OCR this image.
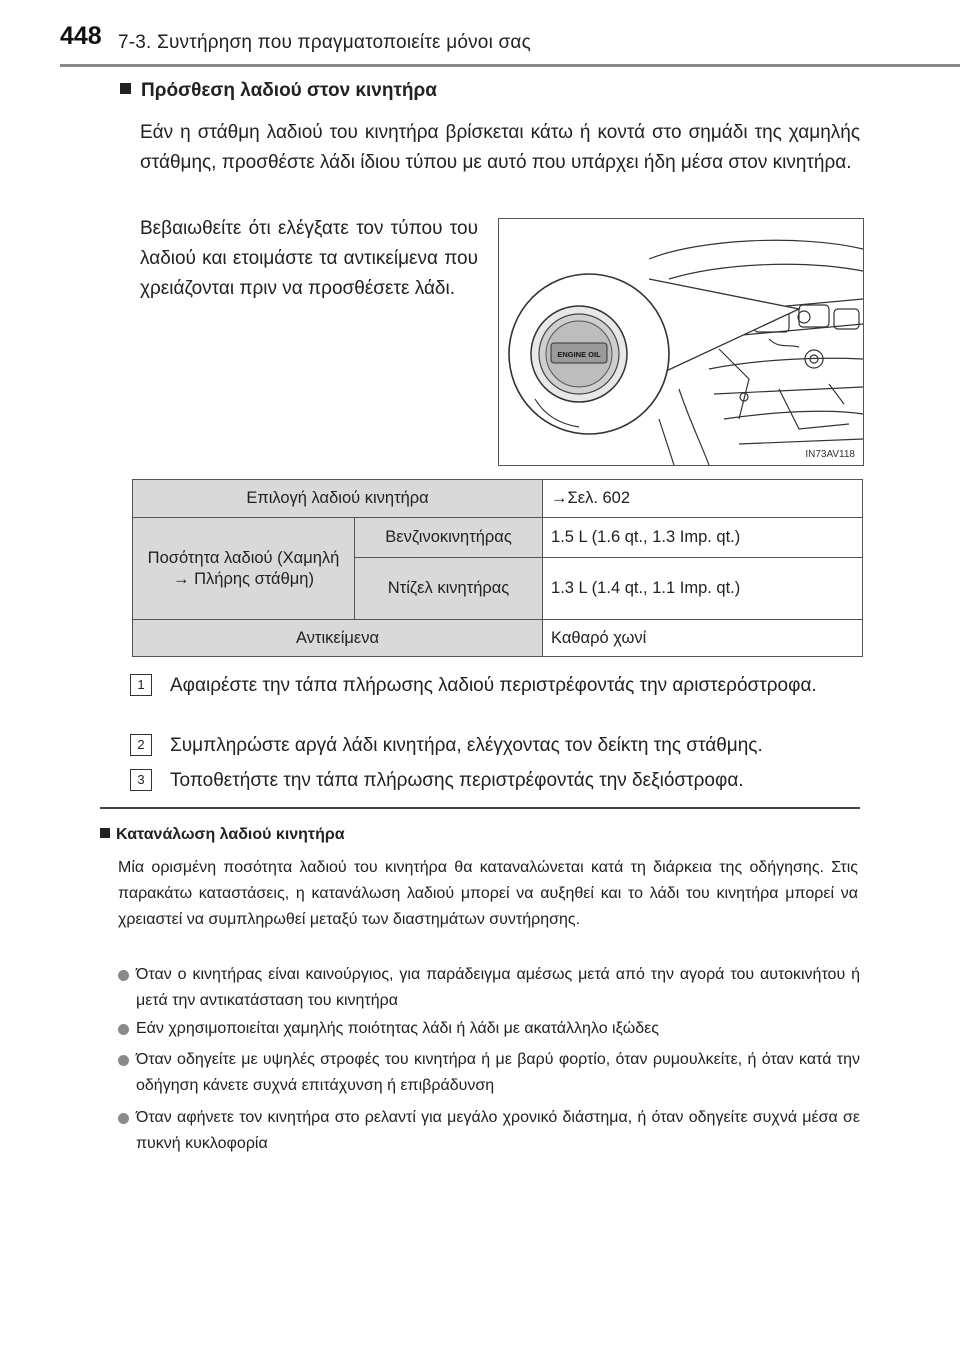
448 7-3. Συντήρηση που πραγματοποιείτε μόνοι σας
Πρόσθεση λαδιού στον κινητήρα
Εάν η στάθμη λαδιού του κινητήρα βρίσκεται κάτω ή κοντά στο σημάδι της χαμηλής στάθμης, προσθέστε λάδι ίδιου τύπου με αυτό που υπάρχει ήδη μέσα στον κινητήρα.
Βεβαιωθείτε ότι ελέγξατε τον τύπου του λαδιού και ετοιμάστε τα αντικείμενα που χρειάζονται πριν να προσθέσετε λάδι.
ENGINE OIL
IN73AV118
Επιλογή λαδιού κινητήρα		→Σελ. 602
Ποσότητα λαδιού (Χαμηλή → Πλήρης στάθμη)	Βενζινοκινητήρας	1.5 L (1.6 qt., 1.3 Imp. qt.)
	Ντίζελ κινητήρας	1.3 L (1.4 qt., 1.1 Imp. qt.)
Αντικείμενα		Καθαρό χωνί
1	Αφαιρέστε την τάπα πλήρωσης λαδιού περιστρέφοντάς την αριστερόστροφα.
2	Συμπληρώστε αργά λάδι κινητήρα, ελέγχοντας τον δείκτη της στάθμης.
3	Τοποθετήστε την τάπα πλήρωσης περιστρέφοντάς την δεξιόστροφα.
Κατανάλωση λαδιού κινητήρα
Μία ορισμένη ποσότητα λαδιού του κινητήρα θα καταναλώνεται κατά τη διάρκεια της οδήγησης. Στις παρακάτω καταστάσεις, η κατανάλωση λαδιού μπορεί να αυξηθεί και το λάδι του κινητήρα μπορεί να χρειαστεί να συμπληρωθεί μεταξύ των διαστημάτων συντήρησης.
Όταν ο κινητήρας είναι καινούργιος, για παράδειγμα αμέσως μετά από την αγορά του αυτοκινήτου ή μετά την αντικατάσταση του κινητήρα
Εάν χρησιμοποιείται χαμηλής ποιότητας λάδι ή λάδι με ακατάλληλο ιξώδες
Όταν οδηγείτε με υψηλές στροφές του κινητήρα ή με βαρύ φορτίο, όταν ρυμουλκείτε, ή όταν κατά την οδήγηση κάνετε συχνά επιτάχυνση ή επιβράδυνση
Όταν αφήνετε τον κινητήρα στο ρελαντί για μεγάλο χρονικό διάστημα, ή όταν οδηγείτε συχνά μέσα σε πυκνή κυκλοφορία
